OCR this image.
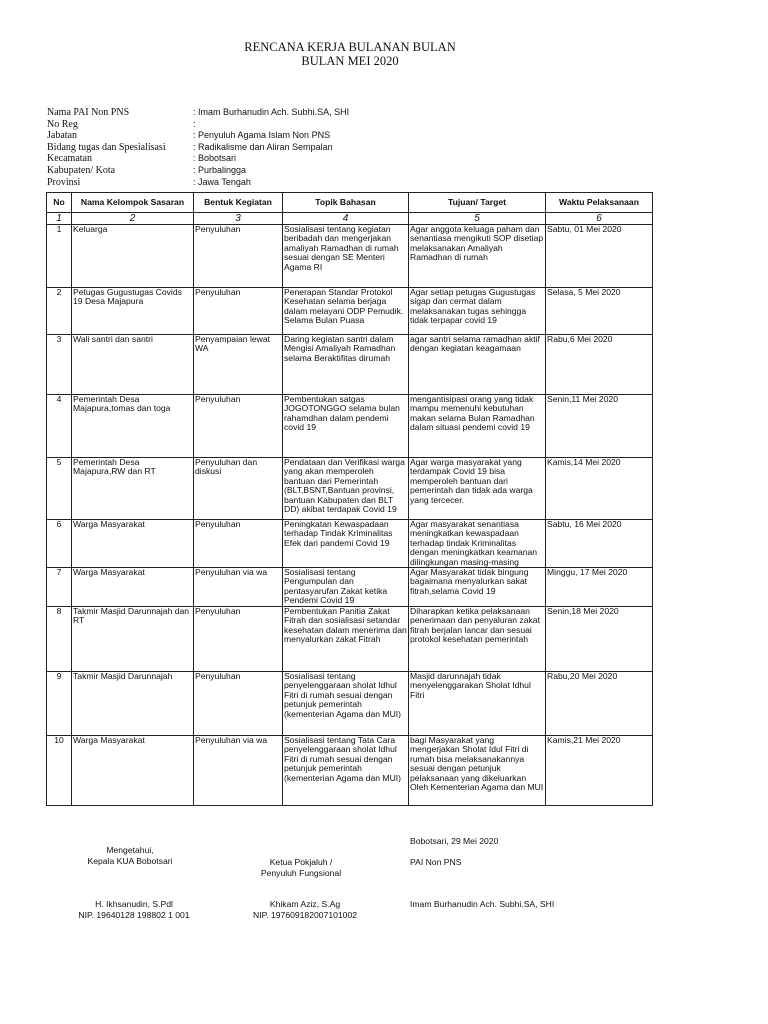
RENCANA KERJA BULANAN BULAN
BULAN MEI 2020
Nama PAI Non PNS	: Imam Burhanudin Ach. Subhi.SA, SHI
No Reg	:
Jabatan	: Penyuluh Agama Islam Non PNS
Bidang tugas dan Spesialisasi	: Radikalisme dan Aliran Sempalan
Kecamatan	: Bobotsari
Kabupaten/ Kota	: Purbalingga
Provinsi	: Jawa Tengah
No	Nama Kelompok Sasaran	Bentuk Kegiatan	Topik Bahasan	Tujuan/ Target	Waktu Pelaksanaan
1	2	3	4	5	6
1	Keluarga	Penyuluhan	Sosialisasi tentang kegiatan beribadah dan mengerjakan amaliyah Ramadhan di rumah sesuai dengan SE Menteri Agama RI	Agar anggota keluaga paham dan senantiasa mengikuti SOP disetiap melaksanakan Amaliyah Ramadhan di rumah	Sabtu, 01 Mei 2020
2	Petugas Gugustugas Covids 19 Desa Majapura	Penyuluhan	Penerapan Standar Protokol Kesehatan selama berjaga dalam melayani ODP Pemudik. Selama Bulan Puasa	Agar setiap petugas Gugustugas sigap dan cermat dalam melaksanakan tugas sehingga tidak terpapar covid 19	Selasa, 5 Mei 2020
3	Wali santri dan santri	Penyampaian lewat WA	Daring kegiatan santri dalam Mengisi Amaliyah Ramadhan selama Beraktifitas dirumah	agar santri selama ramadhan aktif dengan kegiatan keagamaan	Rabu,6 Mei 2020
4	Pemerintah Desa Majapura,tomas dan toga	Penyuluhan	Pembentukan satgas JOGOTONGGO selama bulan rahamdhan dalam pendemi covid 19	mengantisipasi orang yang tidak mampu memenuhi kebutuhan makan selama Bulan Ramadhan dalam situasi pendemi covid 19	Senin,11 Mei 2020
5	Pemerintah Desa Majapura,RW dan RT	Penyuluhan dan diskusi	Pendataan dan Verifikasi warga yang akan memperoleh bantuan dari Pemerintah (BLT,BSNT,Bantuan provinsi, bantuan Kabupaten dan BLT DD) akibat terdapak Covid 19	Agar warga masyarakat yang terdampak Covid 19 bisa memperoleh bantuan dari pemerintah dan tidak ada warga yang tercecer.	Kamis,14 Mei 2020
6	Warga Masyarakat	Penyuluhan	Peningkatan Kewaspadaan terhadap Tindak Kriminalitas Efek dari pandemi Covid 19	Agar masyarakat senantiasa meningkatkan kewaspadaan terhadap tindak Kriminalitas dengan meningkatkan keamanan dilingkungan masing-masing	Sabtu, 16 Mei 2020
7	Warga Masyarakat	Penyuluhan via wa	Sosialisasi tentang Pengumpulan dan pentasyarufan Zakat ketika Pendemi Covid 19	Agar Masyarakat tidak bingung bagaimana menyalurkan sakat fitrah,selama Covid 19	Minggu, 17 Mei 2020
8	Takmir Masjid Darunnajah dan RT	Penyuluhan	Pembentukan Panitia Zakat Fitrah dan sosialisasi setandar kesehatan dalam menerima dan menyalurkan zakat Fitrah	Diharapkan ketika pelaksanaan penerimaan dan penyaluran zakat fitrah berjalan lancar dan sesuai protokol kesehatan pemerintah	Senin,18 Mei 2020
9	Takmir Masjid Darunnajah	Penyuluhan	Sosialisasi tentang penyelenggaraan sholat Idhul Fitri di rumah sesuai dengan petunjuk pemerintah (kementerian Agama dan MUI)	Masjid darunnajah tidak menyelenggarakan Sholat Idhul Fitri	Rabu,20 Mei 2020
10	Warga Masyarakat	Penyuluhan via wa	Sosialisasi tentang Tata Cara penyelenggaraan sholat Idhul Fitri di rumah sesuai dengan petunjuk pemerintah (kementerian Agama dan MUI)	bagi Masyarakat yang mengerjakan Sholat Idul Fitri di rumah bisa melaksanakannya sesuai dengan petunjuk pelaksanaan yang dikeluarkan Oleh Kementerian Agama dan MUI	Kamis,21 Mei 2020
Bobotsari, 29 Mei 2020
Mengetahui,
Kepala KUA Bobotsari
H. Ikhsanudin, S.Pdl
NIP. 19640128 198802 1 001
Ketua Pokjaluh /
Penyuluh Fungsional
Khikam Aziz, S.Ag
NIP. 197609182007101002
PAI Non PNS
Imam Burhanudin Ach. Subhi.SA, SHI
